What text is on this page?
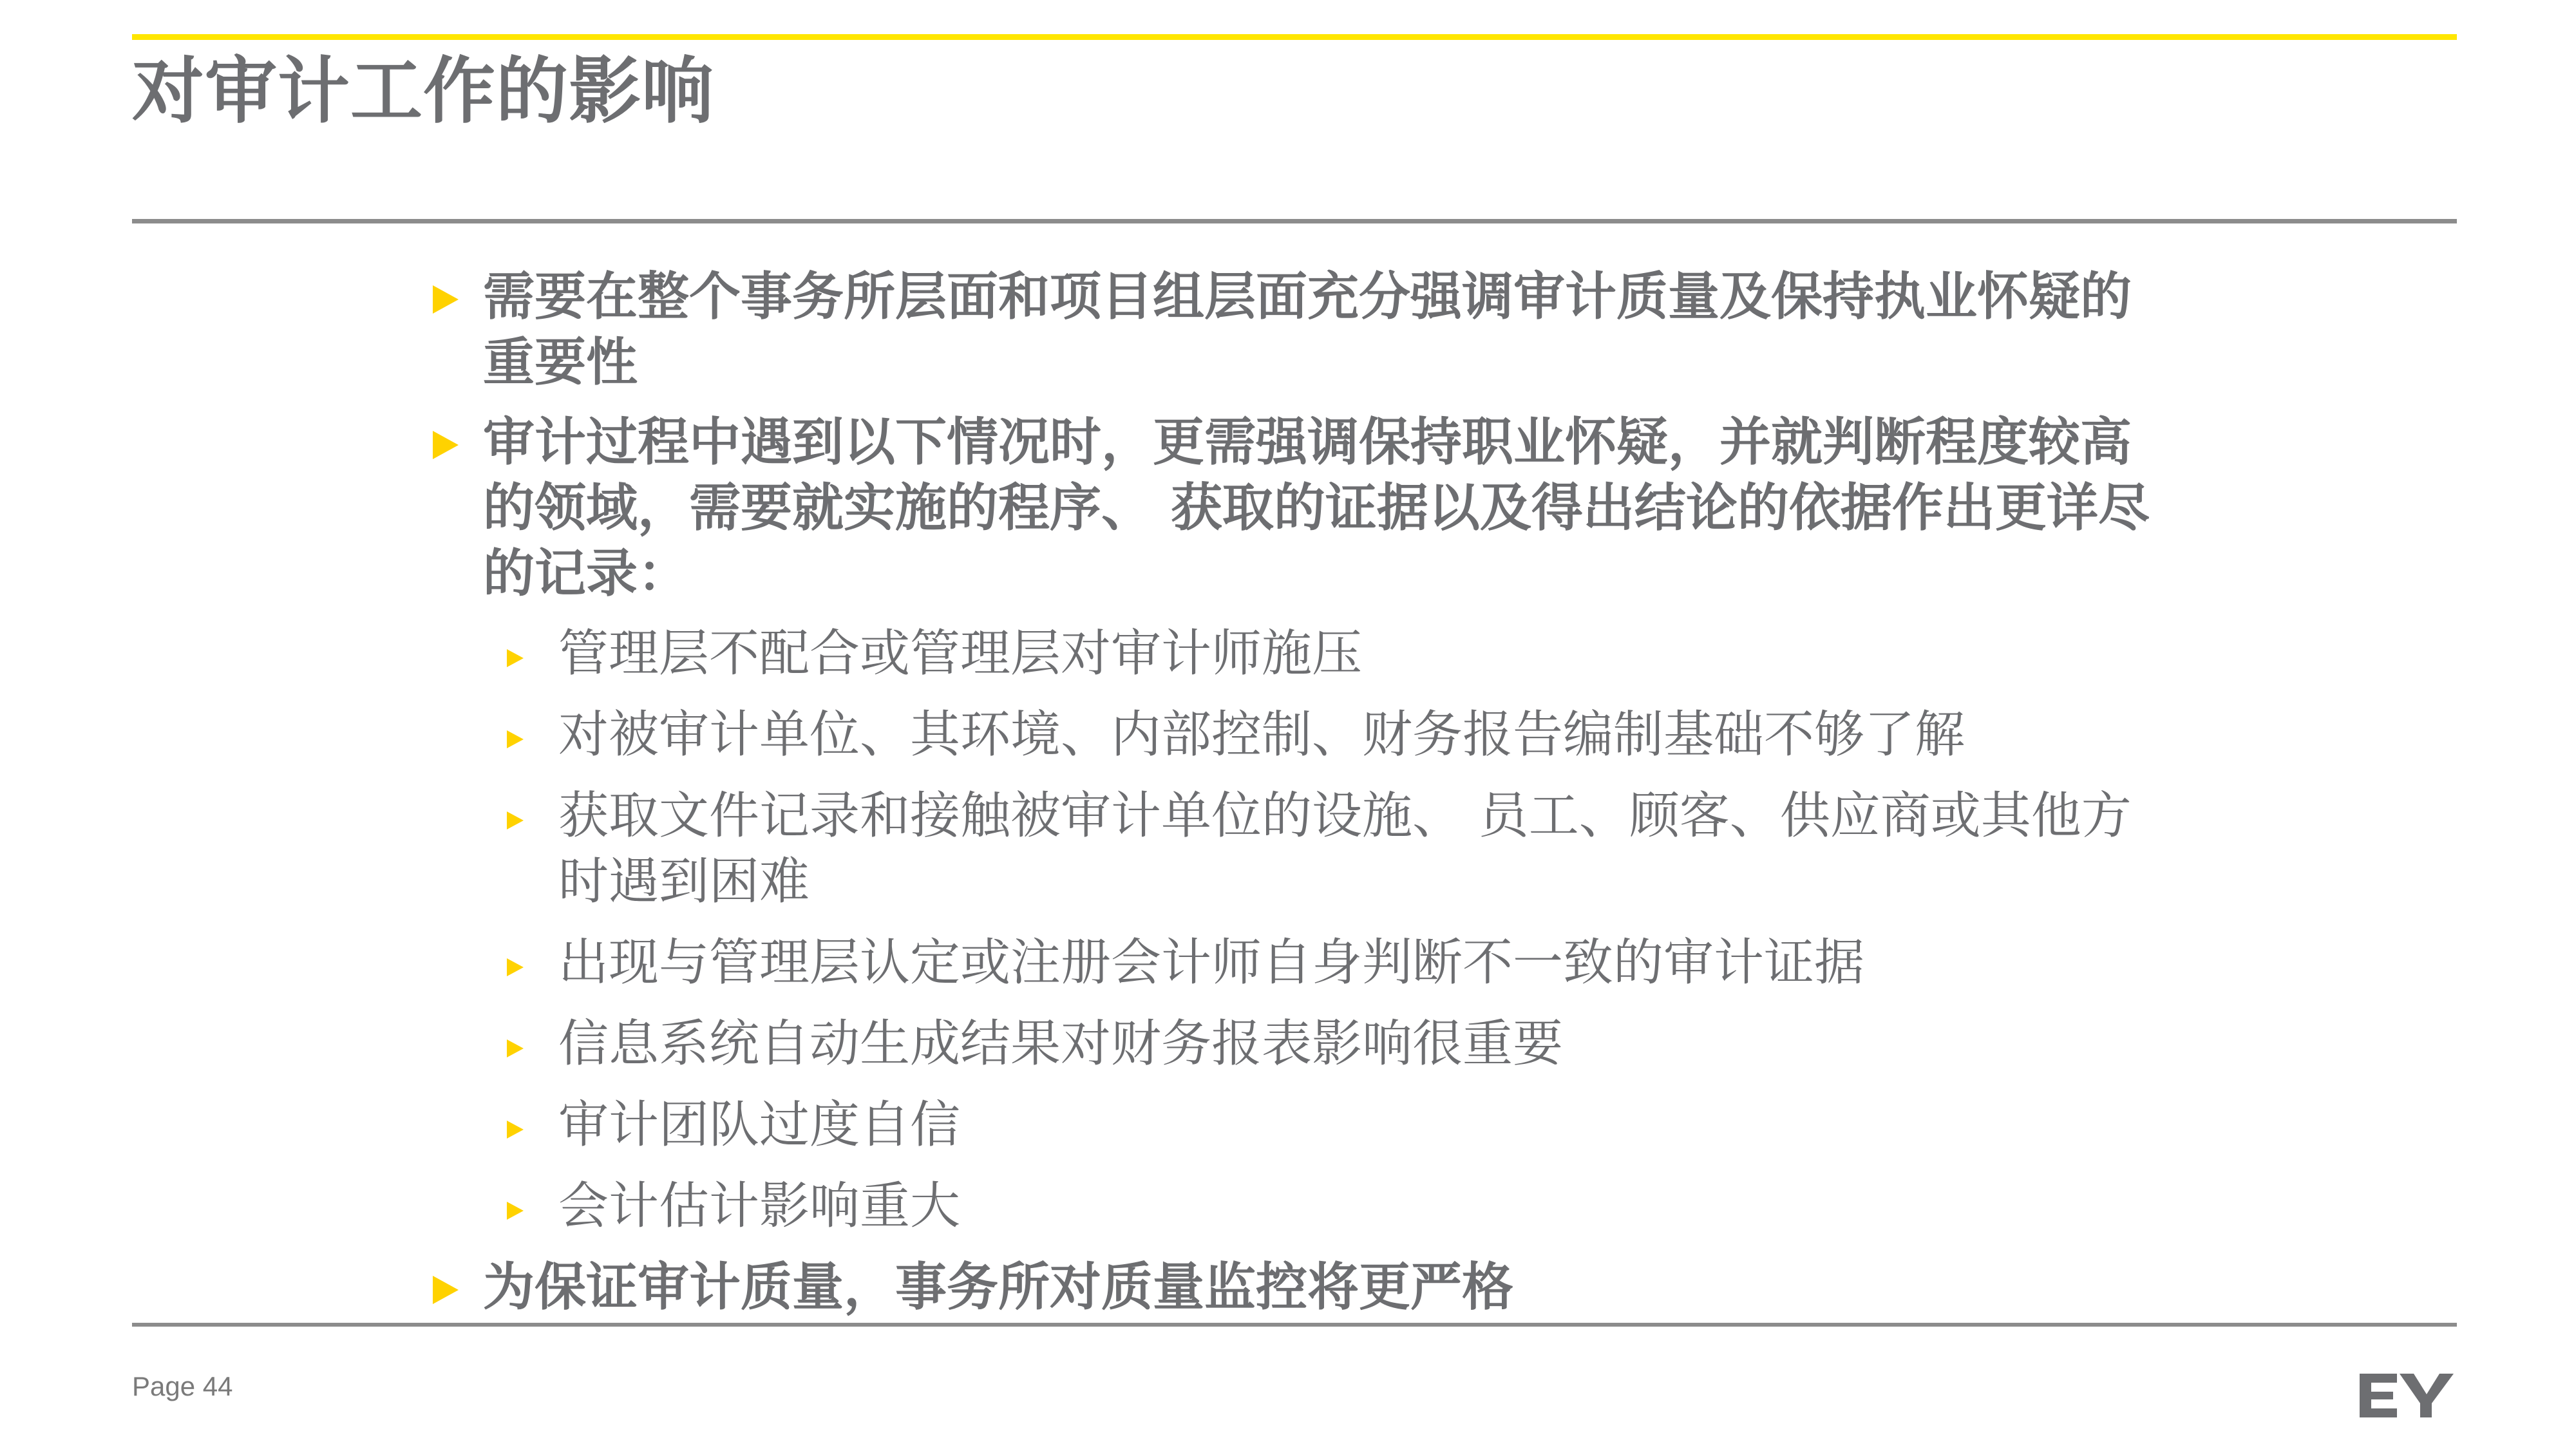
对审计工作的影响
需要在整个事务所层面和项目组层面充分强调审计质量及保持执业怀疑的重要性
审计过程中遇到以下情况时，更需强调保持职业怀疑，并就判断程度较高的领域，需要就实施的程序、 获取的证据以及得出结论的依据作出更详尽的记录：
管理层不配合或管理层对审计师施压
对被审计单位、其环境、内部控制、财务报告编制基础不够了解
获取文件记录和接触被审计单位的设施、 员工、顾客、供应商或其他方时遇到困难
出现与管理层认定或注册会计师自身判断不一致的审计证据
信息系统自动生成结果对财务报表影响很重要
审计团队过度自信
会计估计影响重大
为保证审计质量，事务所对质量监控将更严格
Page 44
